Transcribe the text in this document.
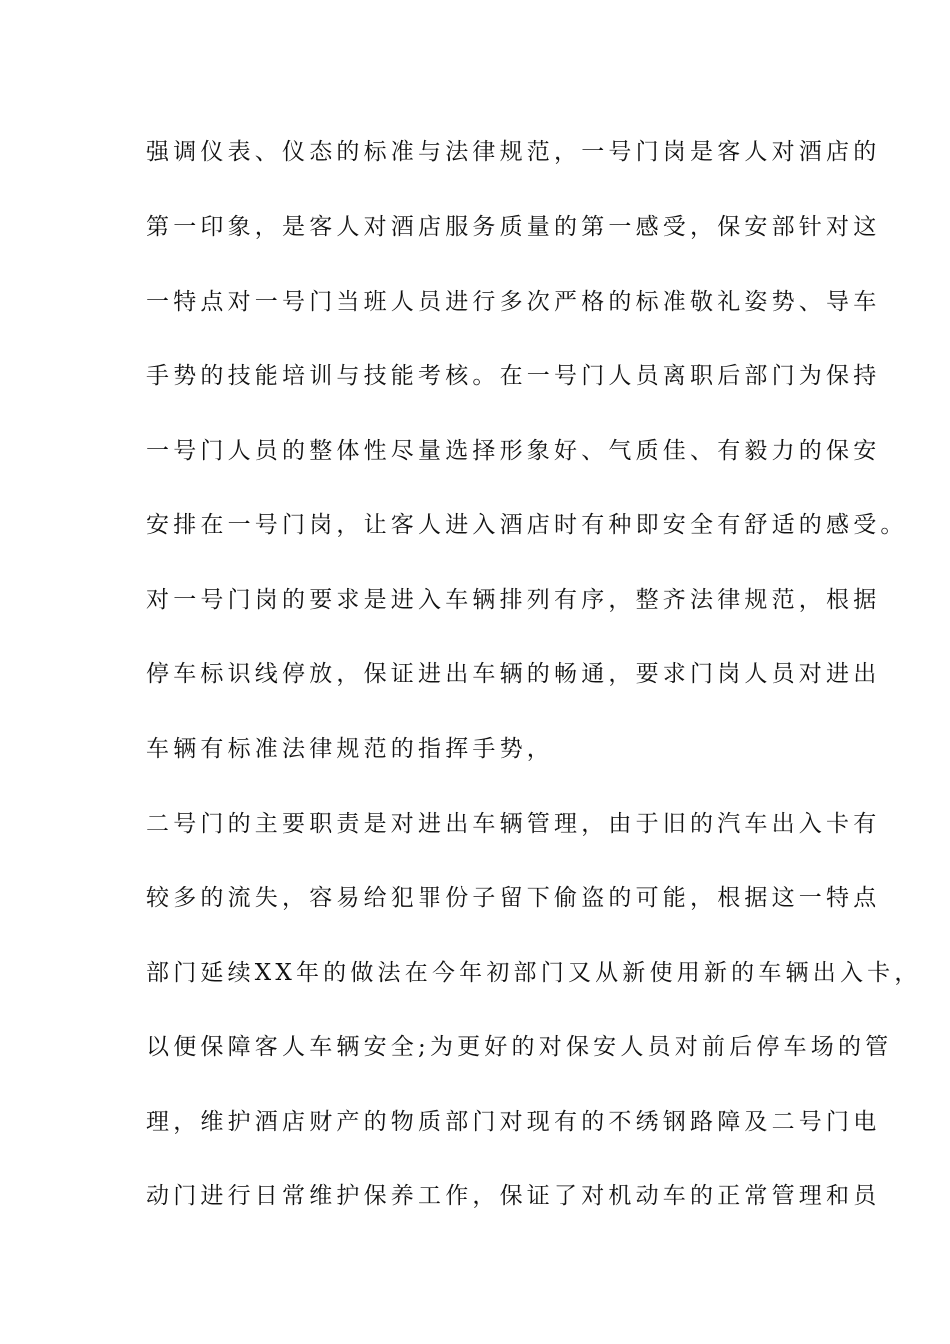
强调仪表、仪态的标准与法律规范，一号门岗是客人对酒店的
第一印象，是客人对酒店服务质量的第一感受，保安部针对这
一特点对一号门当班人员进行多次严格的标准敬礼姿势、导车
手势的技能培训与技能考核。在一号门人员离职后部门为保持
一号门人员的整体性尽量选择形象好、气质佳、有毅力的保安
安排在一号门岗，让客人进入酒店时有种即安全有舒适的感受。
对一号门岗的要求是进入车辆排列有序，整齐法律规范，根据
停车标识线停放，保证进出车辆的畅通，要求门岗人员对进出
车辆有标准法律规范的指挥手势，
二号门的主要职责是对进出车辆管理，由于旧的汽车出入卡有
较多的流失，容易给犯罪份子留下偷盗的可能，根据这一特点
部门延续XX年的做法在今年初部门又从新使用新的车辆出入卡，
以便保障客人车辆安全;为更好的对保安人员对前后停车场的管
理，维护酒店财产的物质部门对现有的不绣钢路障及二号门电
动门进行日常维护保养工作，保证了对机动车的正常管理和员
